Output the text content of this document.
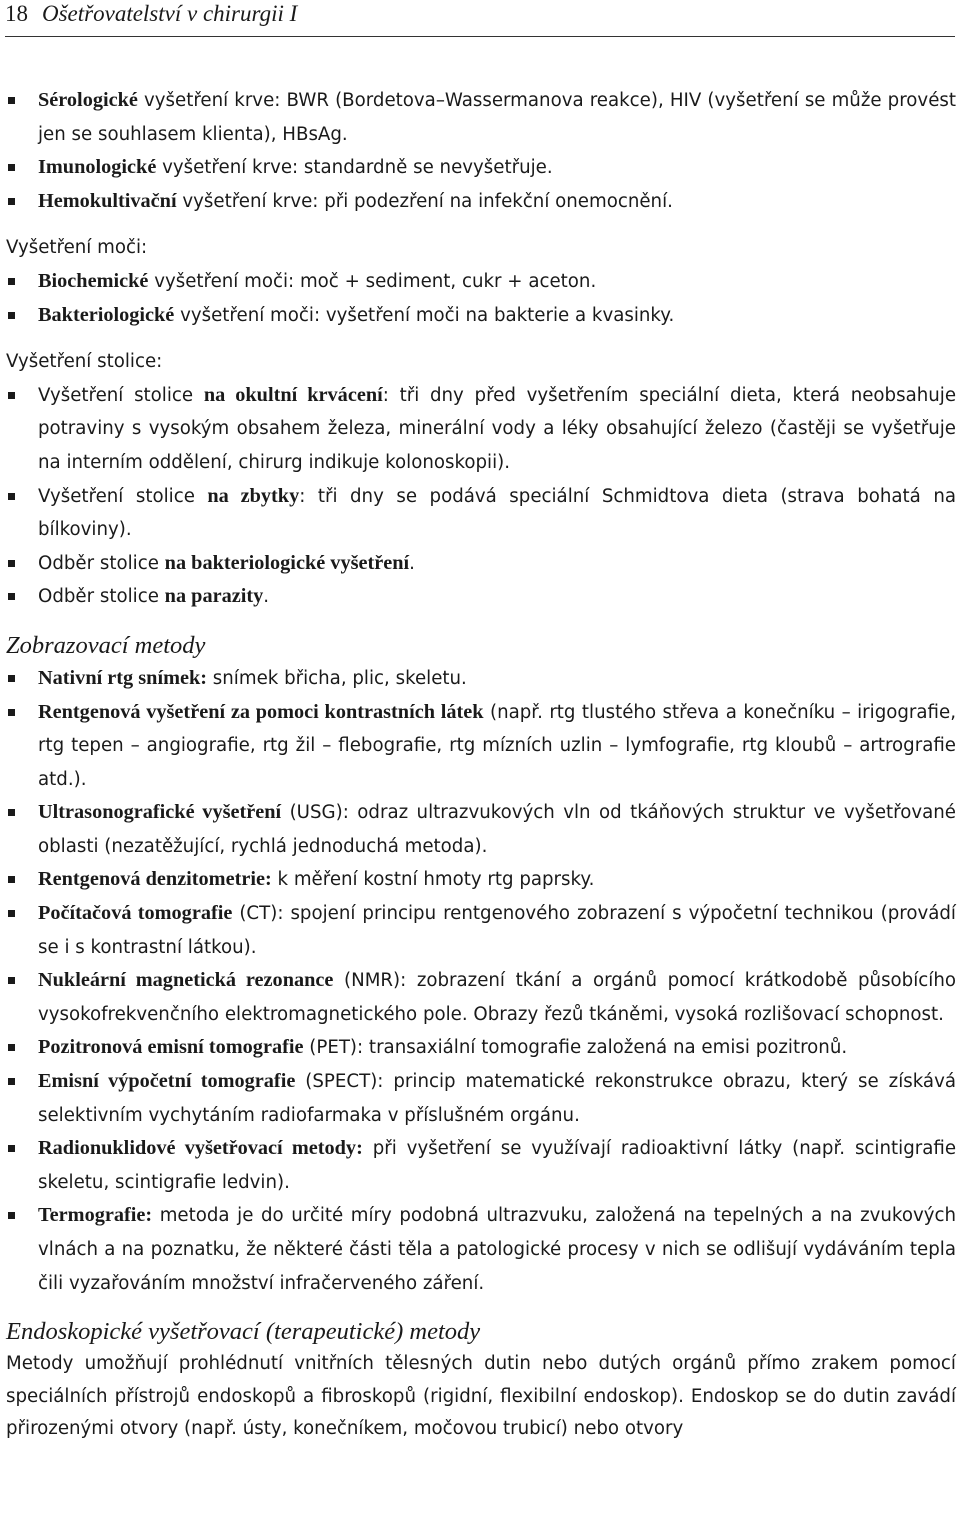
18 Ošetřovatelství v chirurgii I
Sérologické vyšetření krve: BWR (Bordetova–Wassermanova reakce), HIV (vyšetření se může provést jen se souhlasem klienta), HBsAg.
Imunologické vyšetření krve: standardně se nevyšetřuje.
Hemokultivační vyšetření krve: při podezření na infekční onemocnění.
Vyšetření moči:
Biochemické vyšetření moči: moč + sediment, cukr + aceton.
Bakteriologické vyšetření moči: vyšetření moči na bakterie a kvasinky.
Vyšetření stolice:
Vyšetření stolice na okultní krvácení: tři dny před vyšetřením speciální dieta, která neobsahuje potraviny s vysokým obsahem železa, minerální vody a léky obsahující železo (častěji se vyšetřuje na interním oddělení, chirurg indikuje kolonoskopii).
Vyšetření stolice na zbytky: tři dny se podává speciální Schmidtova dieta (strava bohatá na bílkoviny).
Odběr stolice na bakteriologické vyšetření.
Odběr stolice na parazity.
Zobrazovací metody
Nativní rtg snímek: snímek břicha, plic, skeletu.
Rentgenová vyšetření za pomoci kontrastních látek (např. rtg tlustého střeva a konečníku – irigografie, rtg tepen – angiografie, rtg žil – flebografie, rtg mízních uzlin – lymfografie, rtg kloubů – artrografie atd.).
Ultrasonografické vyšetření (USG): odraz ultrazvukových vln od tkáňových struktur ve vyšetřované oblasti (nezatěžující, rychlá jednoduchá metoda).
Rentgenová denzitometrie: k měření kostní hmoty rtg paprsky.
Počítačová tomografie (CT): spojení principu rentgenového zobrazení s výpočetní technikou (provádí se i s kontrastní látkou).
Nukleární magnetická rezonance (NMR): zobrazení tkání a orgánů pomocí krátkodobě působícího vysokofrekvenčního elektromagnetického pole. Obrazy řezů tkáněmi, vysoká rozlišovací schopnost.
Pozitronová emisní tomografie (PET): transaxiální tomografie založená na emisi pozitronů.
Emisní výpočetní tomografie (SPECT): princip matematické rekonstrukce obrazu, který se získává selektivním vychytáním radiofarmaka v příslušném orgánu.
Radionuklidové vyšetřovací metody: při vyšetření se využívají radioaktivní látky (např. scintigrafie skeletu, scintigrafie ledvin).
Termografie: metoda je do určité míry podobná ultrazvuku, založená na tepelných a na zvukových vlnách a na poznatku, že některé části těla a patologické procesy v nich se odlišují vydáváním tepla čili vyzařováním množství infračerveného záření.
Endoskopické vyšetřovací (terapeutické) metody
Metody umožňují prohlédnutí vnitřních tělesných dutin nebo dutých orgánů přímo zrakem pomocí speciálních přístrojů endoskopů a fibroskopů (rigidní, flexibilní endoskop). Endoskop se do dutin zavádí přirozenými otvory (např. ústy, konečníkem, močovou trubicí) nebo otvory
